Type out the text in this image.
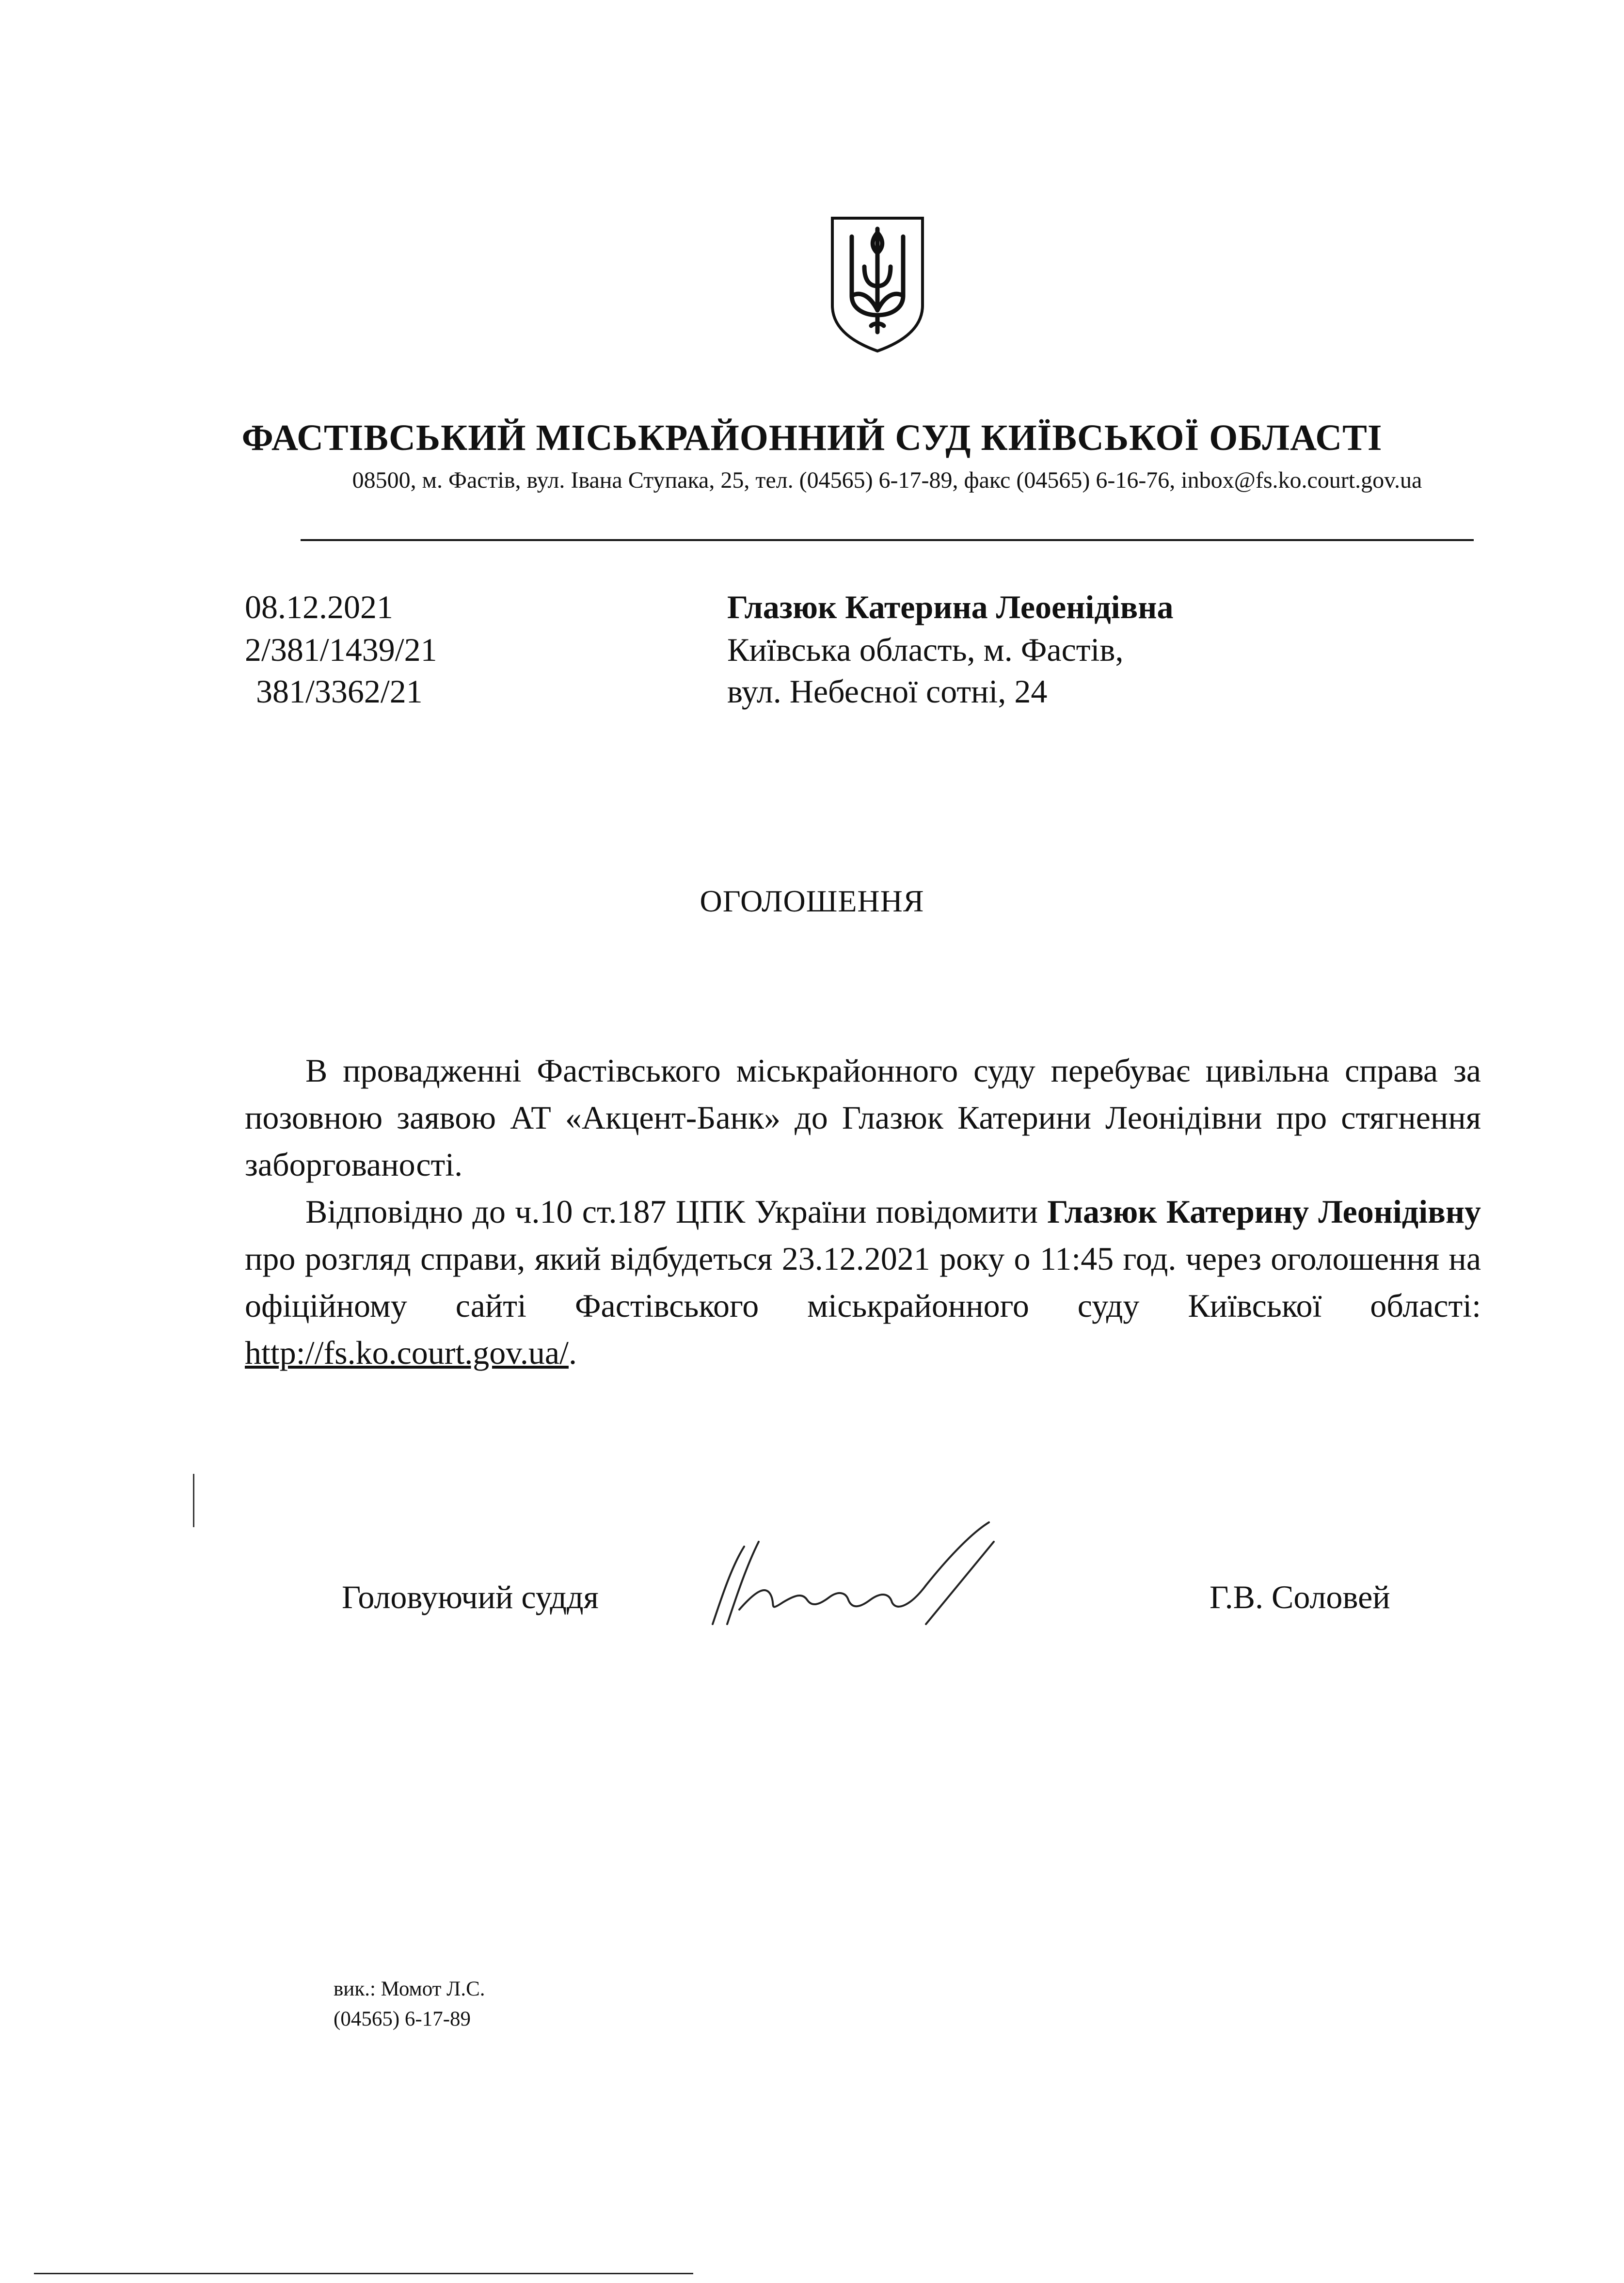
ФАСТІВСЬКИЙ МІСЬКРАЙОННИЙ СУД КИЇВСЬКОЇ ОБЛАСТІ
08500, м. Фастів, вул. Івана Ступака, 25, тел. (04565) 6-17-89, факс (04565) 6-16-76, inbox@fs.ko.court.gov.ua
08.12.2021
2/381/1439/21
381/3362/21
Глазюк Катерина Леоенідівна
Київська область, м. Фастів,
вул. Небесної сотні, 24
ОГОЛОШЕННЯ

В провадженні Фастівського міськрайонного суду перебуває цивільна справа за позовною заявою АТ «Акцент-Банк» до Глазюк Катерини Леонідівни про стягнення заборгованості.

Відповідно до ч.10 ст.187 ЦПК України повідомити Глазюк Катерину Леонідівну про розгляд справи, який відбудеться 23.12.2021 року о 11:45 год. через оголошення на офіційному сайті Фастівського міськрайонного суду Київської області: http://fs.ko.court.gov.ua/.

Головуючий суддя	Г.В. Соловей
вик.: Момот Л.С.
(04565) 6-17-89
